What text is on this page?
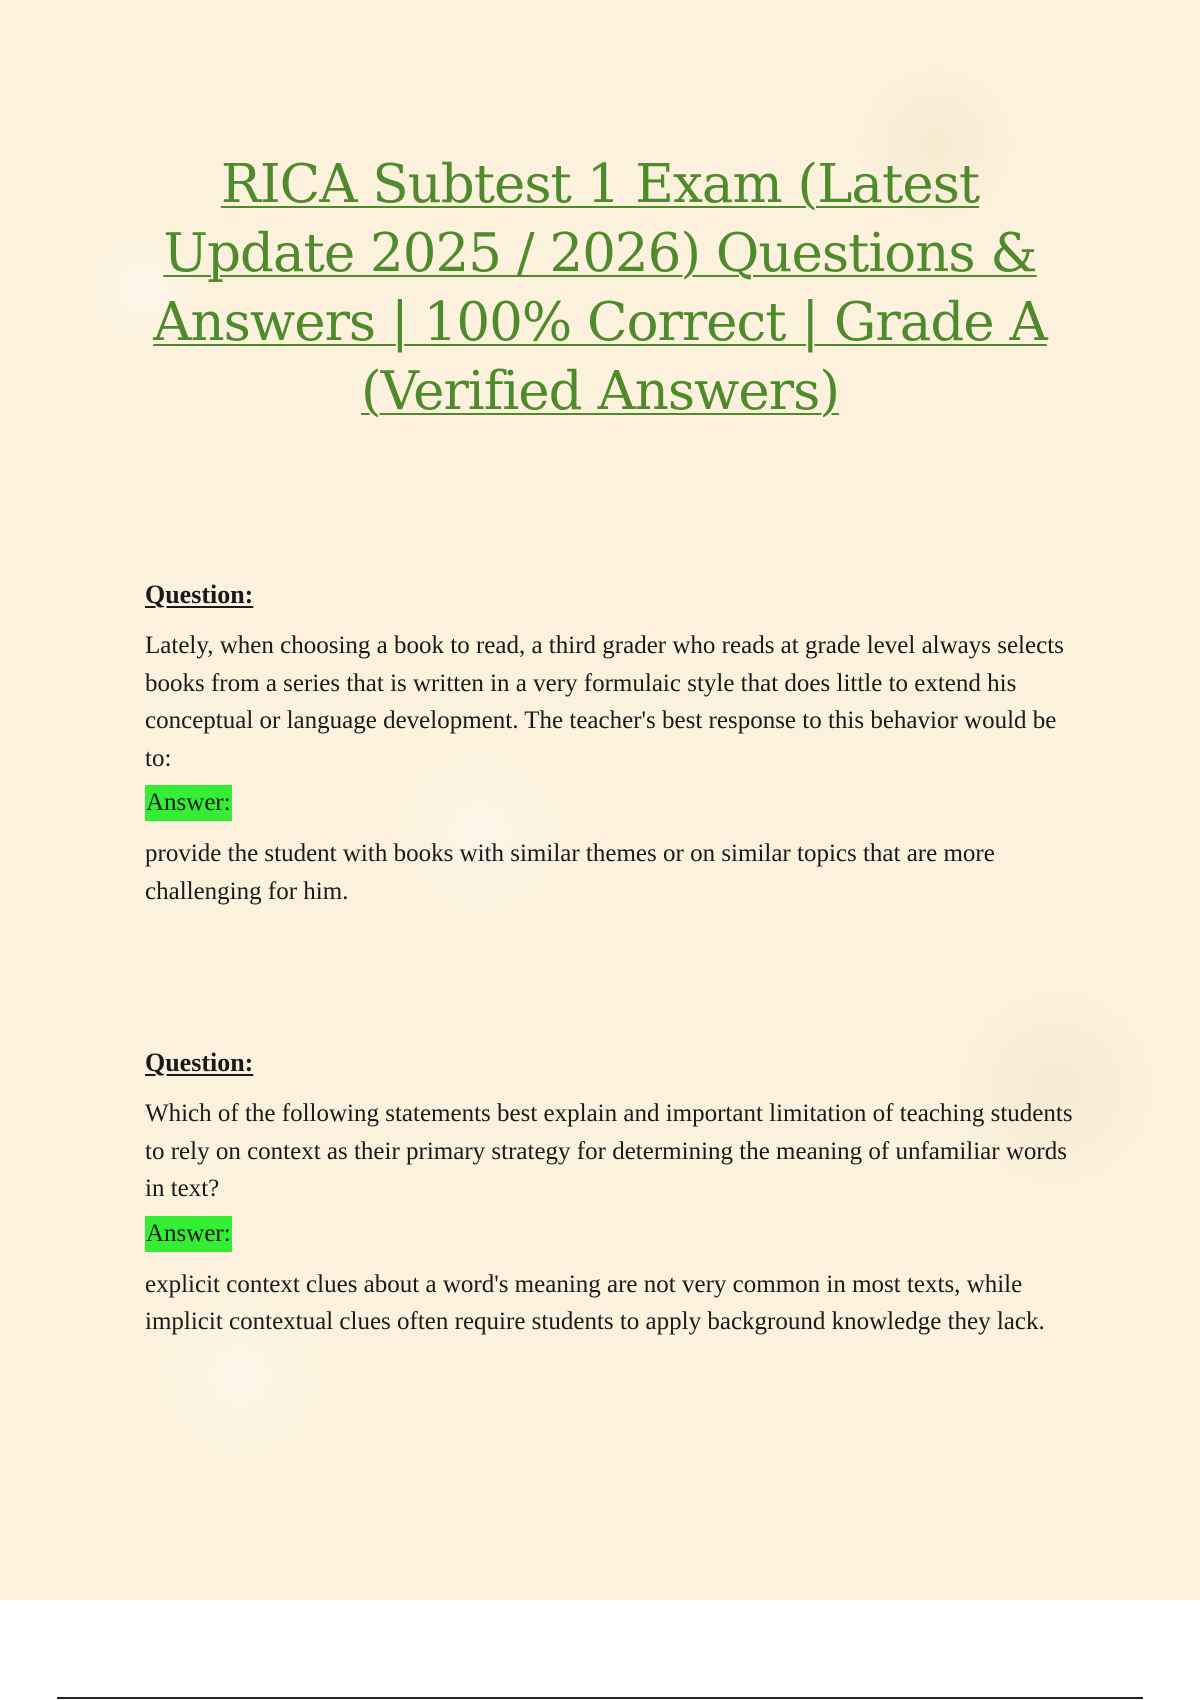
RICA Subtest 1 Exam (Latest Update 2025 / 2026) Questions & Answers | 100% Correct | Grade A (Verified Answers)
Question:

Lately, when choosing a book to read, a third grader who reads at grade level always selects books from a series that is written in a very formulaic style that does little to extend his conceptual or language development. The teacher's best response to this behavior would be to:

Answer:

provide the student with books with similar themes or on similar topics that are more challenging for him.

Question:

Which of the following statements best explain and important limitation of teaching students to rely on context as their primary strategy for determining the meaning of unfamiliar words in text?

Answer:

explicit context clues about a word's meaning are not very common in most texts, while implicit contextual clues often require students to apply background knowledge they lack.
